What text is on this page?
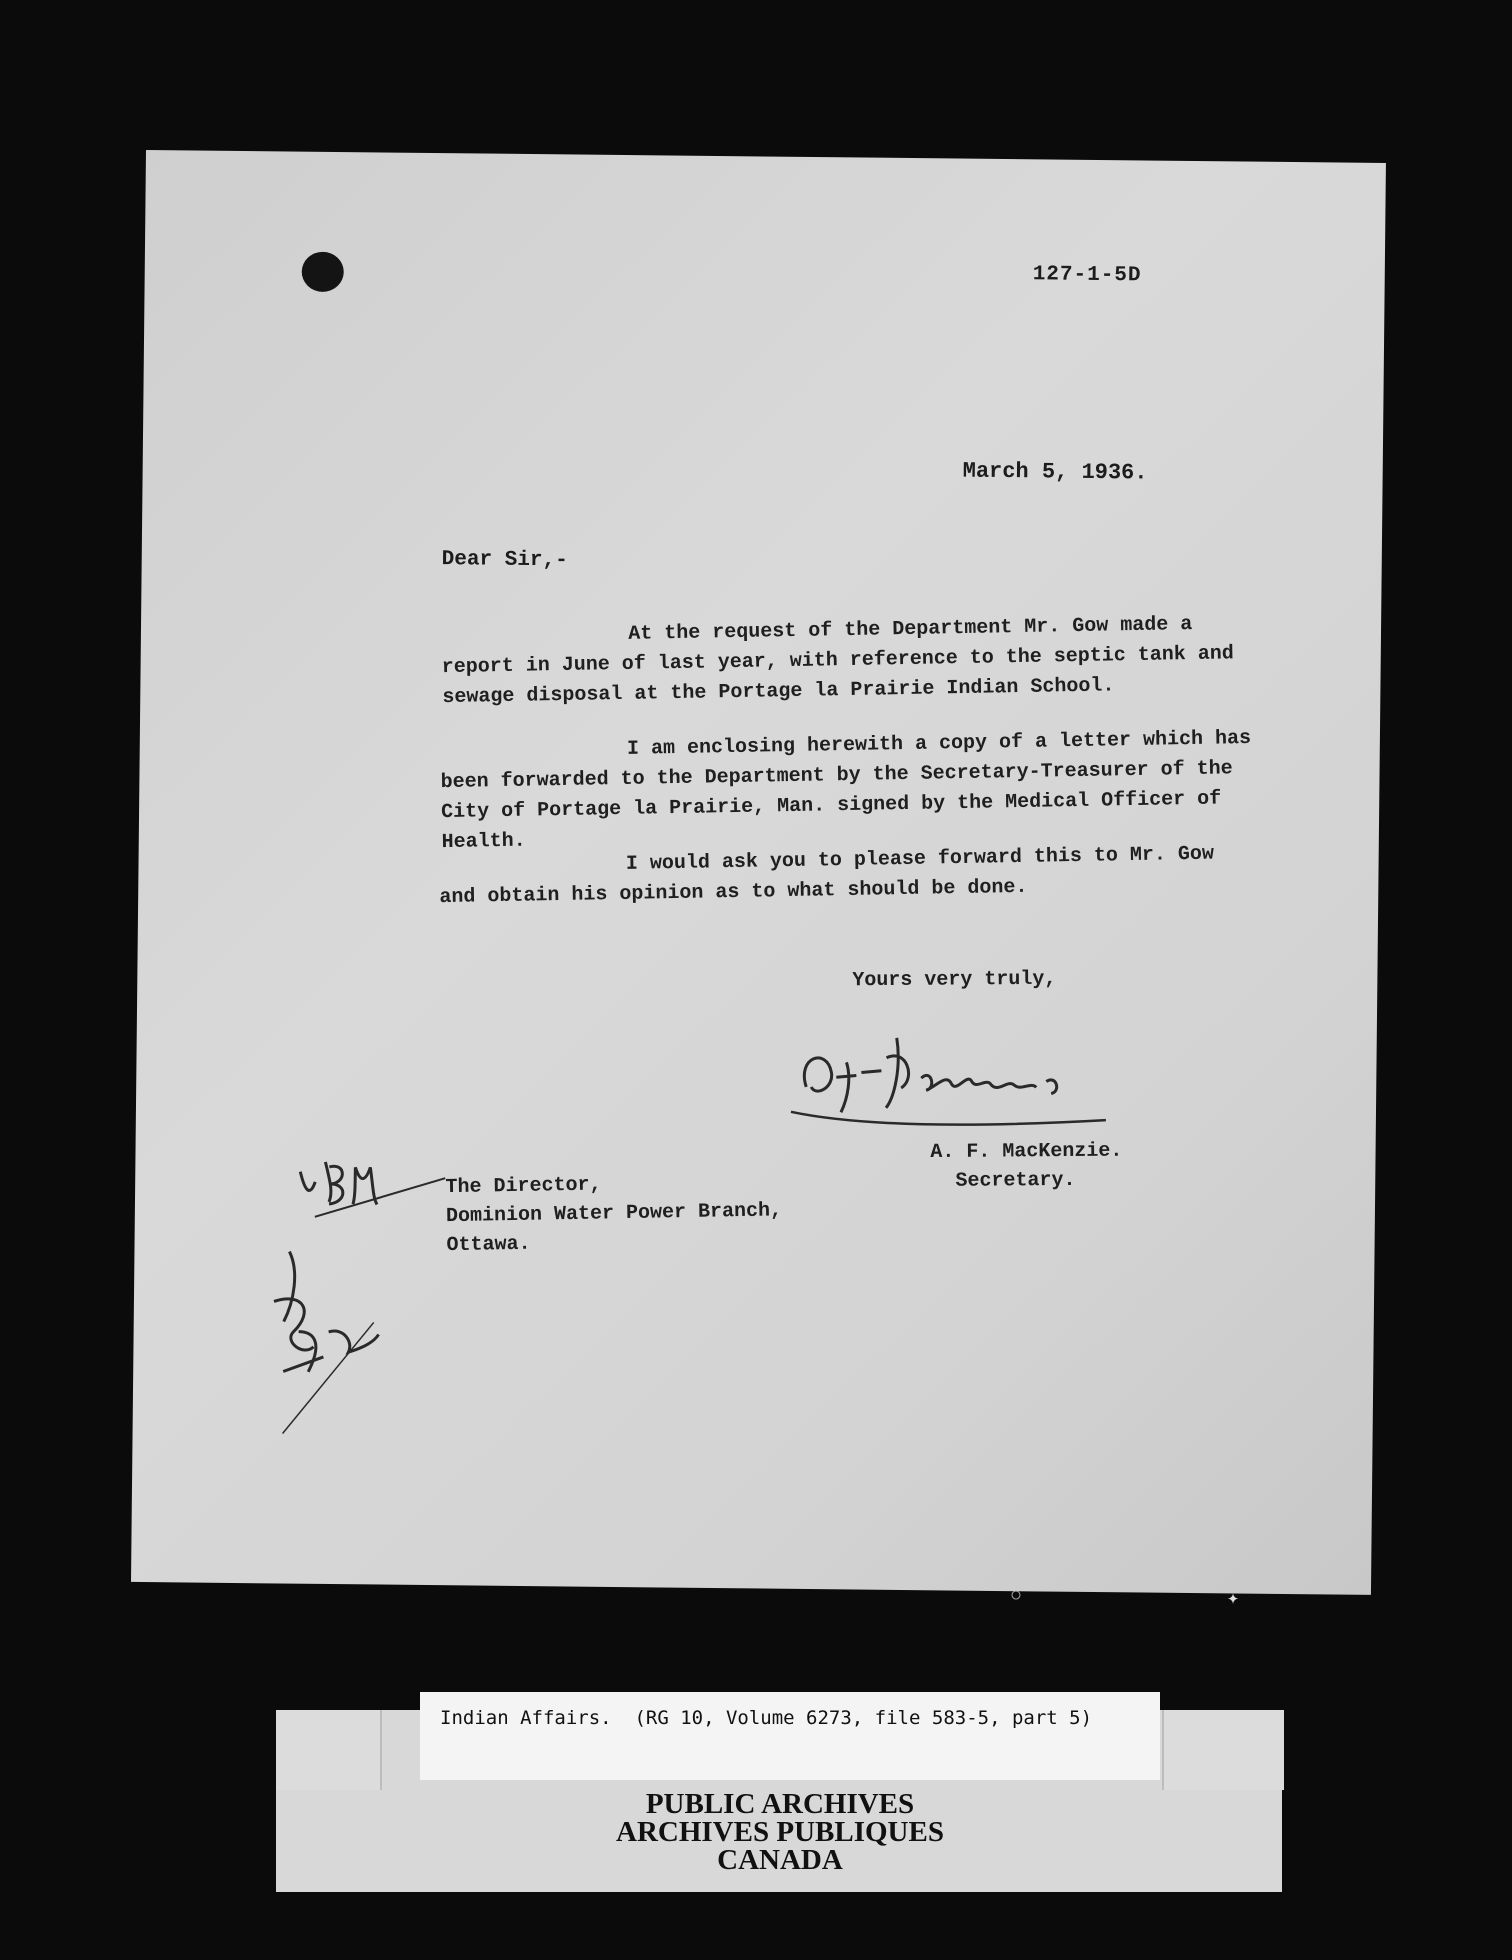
127-1-5D
March 5, 1936.
Dear Sir,-
At the request of the Department Mr. Gow made a report in June of last year, with reference to the septic tank and sewage disposal at the Portage la Prairie Indian School.
I am enclosing herewith a copy of a letter which has been forwarded to the Department by the Secretary-Treasurer of the City of Portage la Prairie, Man. signed by the Medical Officer of Health.
I would ask you to please forward this to Mr. Gow and obtain his opinion as to what should be done.
Yours very truly,
A. F. MacKenzie.
Secretary.
The Director,
Dominion Water Power Branch,
Ottawa.
○	✦
Indian Affairs.  (RG 10, Volume 6273, file 583-5, part 5)
PUBLIC ARCHIVES
ARCHIVES PUBLIQUES
CANADA
